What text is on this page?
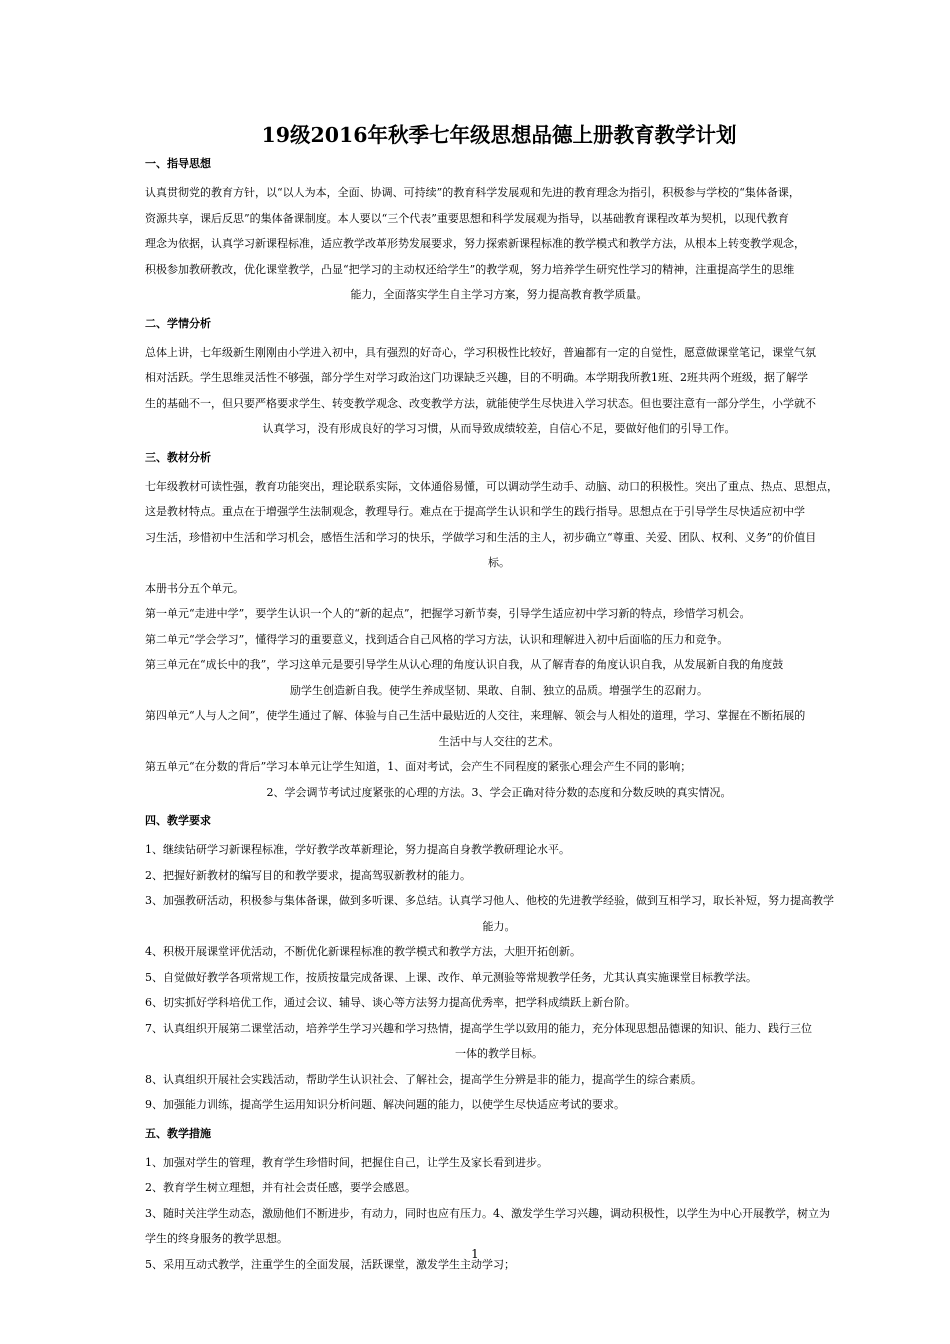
19级2016年秋季七年级思想品德上册教育教学计划
一、指导思想
认真贯彻党的教育方针，以“以人为本，全面、协调、可持续”的教育科学发展观和先进的教育理念为指引，积极参与学校的“集体备课，
资源共享，课后反思”的集体备课制度。本人要以“三个代表”重要思想和科学发展观为指导，以基础教育课程改革为契机，以现代教育
理念为依据，认真学习新课程标准，适应教学改革形势发展要求，努力探索新课程标准的教学模式和教学方法，从根本上转变教学观念，
积极参加教研教改，优化课堂教学，凸显“把学习的主动权还给学生”的教学观，努力培养学生研究性学习的精神，注重提高学生的思维
能力，全面落实学生自主学习方案，努力提高教育教学质量。
二、学情分析
总体上讲，七年级新生刚刚由小学进入初中，具有强烈的好奇心，学习积极性比较好，普遍都有一定的自觉性，愿意做课堂笔记，课堂气氛
相对活跃。学生思维灵活性不够强，部分学生对学习政治这门功课缺乏兴趣，目的不明确。本学期我所教1班、2班共两个班级，据了解学
生的基础不一，但只要严格要求学生、转变教学观念、改变教学方法，就能使学生尽快进入学习状态。但也要注意有一部分学生，小学就不
认真学习，没有形成良好的学习习惯，从而导致成绩较差，自信心不足，要做好他们的引导工作。
三、教材分析
七年级教材可读性强，教育功能突出，理论联系实际，文体通俗易懂，可以调动学生动手、动脑、动口的积极性。突出了重点、热点、思想点，
这是教材特点。重点在于增强学生法制观念，教理导行。难点在于提高学生认识和学生的践行指导。思想点在于引导学生尽快适应初中学
习生活，珍惜初中生活和学习机会，感悟生活和学习的快乐，学做学习和生活的主人，初步确立“尊重、关爱、团队、权利、义务”的价值目
标。
本册书分五个单元。
第一单元“走进中学”，要学生认识一个人的“新的起点”，把握学习新节奏，引导学生适应初中学习新的特点，珍惜学习机会。
第二单元“学会学习”，懂得学习的重要意义，找到适合自己风格的学习方法，认识和理解进入初中后面临的压力和竞争。
第三单元在“成长中的我”，学习这单元是要引导学生从认心理的角度认识自我，从了解青春的角度认识自我，从发展新自我的角度鼓
励学生创造新自我。使学生养成坚韧、果敢、自制、独立的品质。增强学生的忍耐力。
第四单元“人与人之间”，使学生通过了解、体验与自己生活中最贴近的人交往，来理解、领会与人相处的道理，学习、掌握在不断拓展的
生活中与人交往的艺术。
第五单元“在分数的背后”学习本单元让学生知道，1、面对考试，会产生不同程度的紧张心理会产生不同的影响；
2、学会调节考试过度紧张的心理的方法。3、学会正确对待分数的态度和分数反映的真实情况。
四、教学要求
1、继续钻研学习新课程标准，学好教学改革新理论，努力提高自身教学教研理论水平。
2、把握好新教材的编写目的和教学要求，提高驾驭新教材的能力。
3、加强教研活动，积极参与集体备课，做到多听课、多总结。认真学习他人、他校的先进教学经验，做到互相学习，取长补短，努力提高教学
能力。
4、积极开展课堂评优活动，不断优化新课程标准的教学模式和教学方法，大胆开拓创新。
5、自觉做好教学各项常规工作，按质按量完成备课、上课、改作、单元测验等常规教学任务，尤其认真实施课堂目标教学法。
6、切实抓好学科培优工作，通过会议、辅导、谈心等方法努力提高优秀率，把学科成绩跃上新台阶。
7、认真组织开展第二课堂活动，培养学生学习兴趣和学习热情，提高学生学以致用的能力，充分体现思想品德课的知识、能力、践行三位
一体的教学目标。
8、认真组织开展社会实践活动，帮助学生认识社会、了解社会，提高学生分辨是非的能力，提高学生的综合素质。
9、加强能力训练，提高学生运用知识分析问题、解决问题的能力，以使学生尽快适应考试的要求。
五、教学措施
1、加强对学生的管理，教育学生珍惜时间，把握住自己，让学生及家长看到进步。
2、教育学生树立理想，并有社会责任感，要学会感恩。
3、随时关注学生动态，激励他们不断进步，有动力，同时也应有压力。4、激发学生学习兴趣，调动积极性，以学生为中心开展教学，树立为
学生的终身服务的教学思想。
5、采用互动式教学，注重学生的全面发展，活跃课堂，激发学生主动学习；
1
